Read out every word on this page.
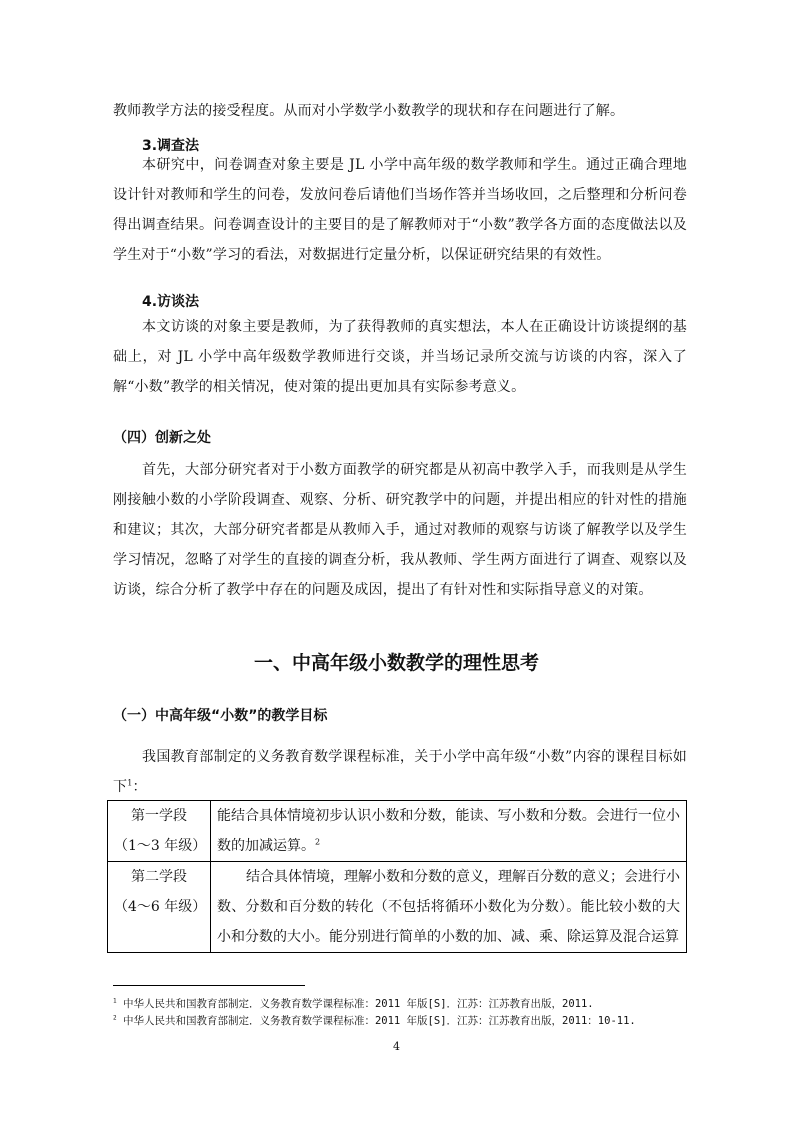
教师教学方法的接受程度。从而对小学数学小数教学的现状和存在问题进行了解。

3.调查法

本研究中，问卷调查对象主要是 JL 小学中高年级的数学教师和学生。通过正确合理地设计针对教师和学生的问卷，发放问卷后请他们当场作答并当场收回，之后整理和分析问卷得出调查结果。问卷调查设计的主要目的是了解教师对于“小数”教学各方面的态度做法以及学生对于“小数”学习的看法，对数据进行定量分析，以保证研究结果的有效性。

4.访谈法

本文访谈的对象主要是教师，为了获得教师的真实想法，本人在正确设计访谈提纲的基础上，对 JL 小学中高年级数学教师进行交谈，并当场记录所交流与访谈的内容，深入了解“小数”教学的相关情况，使对策的提出更加具有实际参考意义。

（四）创新之处

首先，大部分研究者对于小数方面教学的研究都是从初高中教学入手，而我则是从学生刚接触小数的小学阶段调查、观察、分析、研究教学中的问题，并提出相应的针对性的措施和建议；其次，大部分研究者都是从教师入手，通过对教师的观察与访谈了解教学以及学生学习情况，忽略了对学生的直接的调查分析，我从教师、学生两方面进行了调查、观察以及访谈，综合分析了教学中存在的问题及成因，提出了有针对性和实际指导意义的对策。

一、中高年级小数教学的理性思考

（一）中高年级“小数”的教学目标

我国教育部制定的义务教育数学课程标准，关于小学中高年级“小数”内容的课程目标如下$^1$：

第一学段
（1～3 年级）	能结合具体情境初步认识小数和分数，能读、写小数和分数。会进行一位小数的加减运算。$^2$

第二学段
（4～6 年级）	结合具体情境，理解小数和分数的意义，理解百分数的意义；会进行小数、分数和百分数的转化（不包括将循环小数化为分数）。能比较小数的大小和分数的大小。能分别进行简单的小数的加、减、乘、除运算及混合运算

$^1$ 中华人民共和国教育部制定．义务教育数学课程标准：2011 年版[S]．江苏：江苏教育出版，2011.

$^2$ 中华人民共和国教育部制定．义务教育数学课程标准：2011 年版[S]．江苏：江苏教育出版，2011：10-11.

4
